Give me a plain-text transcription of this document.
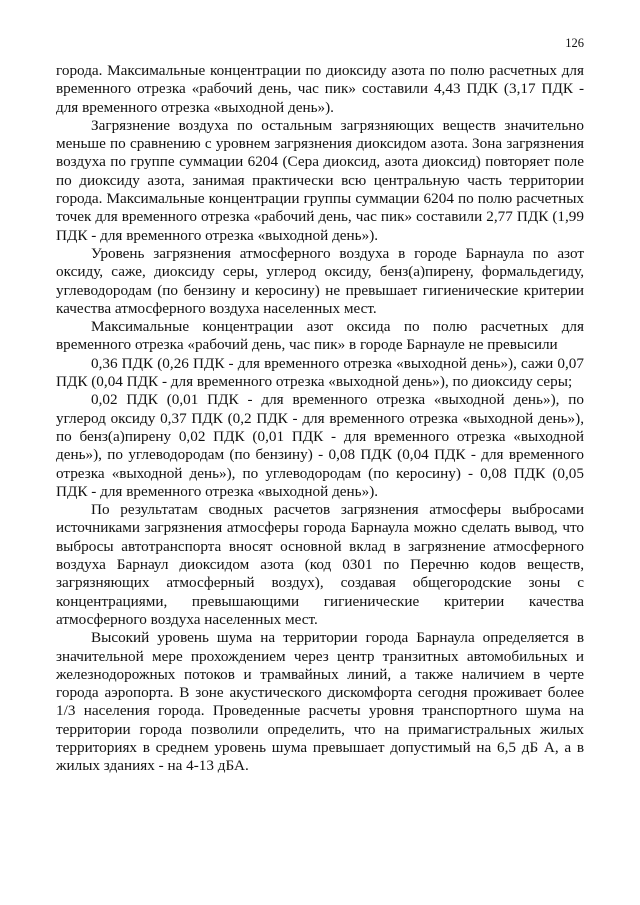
126

города. Максимальные концентрации по диоксиду азота по полю расчетных для временного отрезка «рабочий день, час пик» составили 4,43 ПДК (3,17 ПДК - для временного отрезка «выходной день»).

Загрязнение воздуха по остальным загрязняющих веществ значительно меньше по сравнению с уровнем загрязнения диоксидом азота. Зона загрязнения воздуха по группе суммации 6204 (Сера диоксид, азота диоксид) повторяет поле по диоксиду азота, занимая практически всю центральную часть территории города. Максимальные концентрации группы суммации 6204 по полю расчетных точек для временного отрезка «рабочий день, час пик» составили 2,77 ПДК (1,99 ПДК - для временного отрезка «выходной день»).

Уровень загрязнения атмосферного воздуха в городе Барнаула по азот оксиду, саже, диоксиду серы, углерод оксиду, бенз(а)пирену, формальдегиду, углеводородам (по бензину и керосину) не превышает гигиенические критерии качества атмосферного воздуха населенных мест.

Максимальные концентрации азот оксида по полю расчетных для временного отрезка «рабочий день, час пик» в городе Барнауле не превысили

0,36 ПДК (0,26 ПДК - для временного отрезка «выходной день»), сажи 0,07 ПДК (0,04 ПДК - для временного отрезка «выходной день»), по диоксиду серы;

0,02 ПДК (0,01 ПДК - для временного отрезка «выходной день»), по углерод оксиду 0,37 ПДК (0,2 ПДК - для временного отрезка «выходной день»), по бенз(а)пирену 0,02 ПДК (0,01 ПДК - для временного отрезка «выходной день»), по углеводородам (по бензину) - 0,08 ПДК (0,04 ПДК - для временного отрезка «выходной день»), по углеводородам (по керосину) - 0,08 ПДК (0,05 ПДК - для временного отрезка «выходной день»).

По результатам сводных расчетов загрязнения атмосферы выбросами источниками загрязнения атмосферы города Барнаула можно сделать вывод, что выбросы автотранспорта вносят основной вклад в загрязнение атмосферного воздуха Барнаул диоксидом азота (код 0301 по Перечню кодов веществ, загрязняющих атмосферный воздух), создавая общегородские зоны с концентрациями, превышающими гигиенические критерии качества атмосферного воздуха населенных мест.

Высокий уровень шума на территории города Барнаула определяется в значительной мере прохождением через центр транзитных автомобильных и железнодорожных потоков и трамвайных линий, а также наличием в черте города аэропорта. В зоне акустического дискомфорта сегодня проживает более 1/3 населения города. Проведенные расчеты уровня транспортного шума на территории города позволили определить, что на примагистральных жилых территориях в среднем уровень шума превышает допустимый на 6,5 дБ А, а в жилых зданиях - на 4-13 дБА.
